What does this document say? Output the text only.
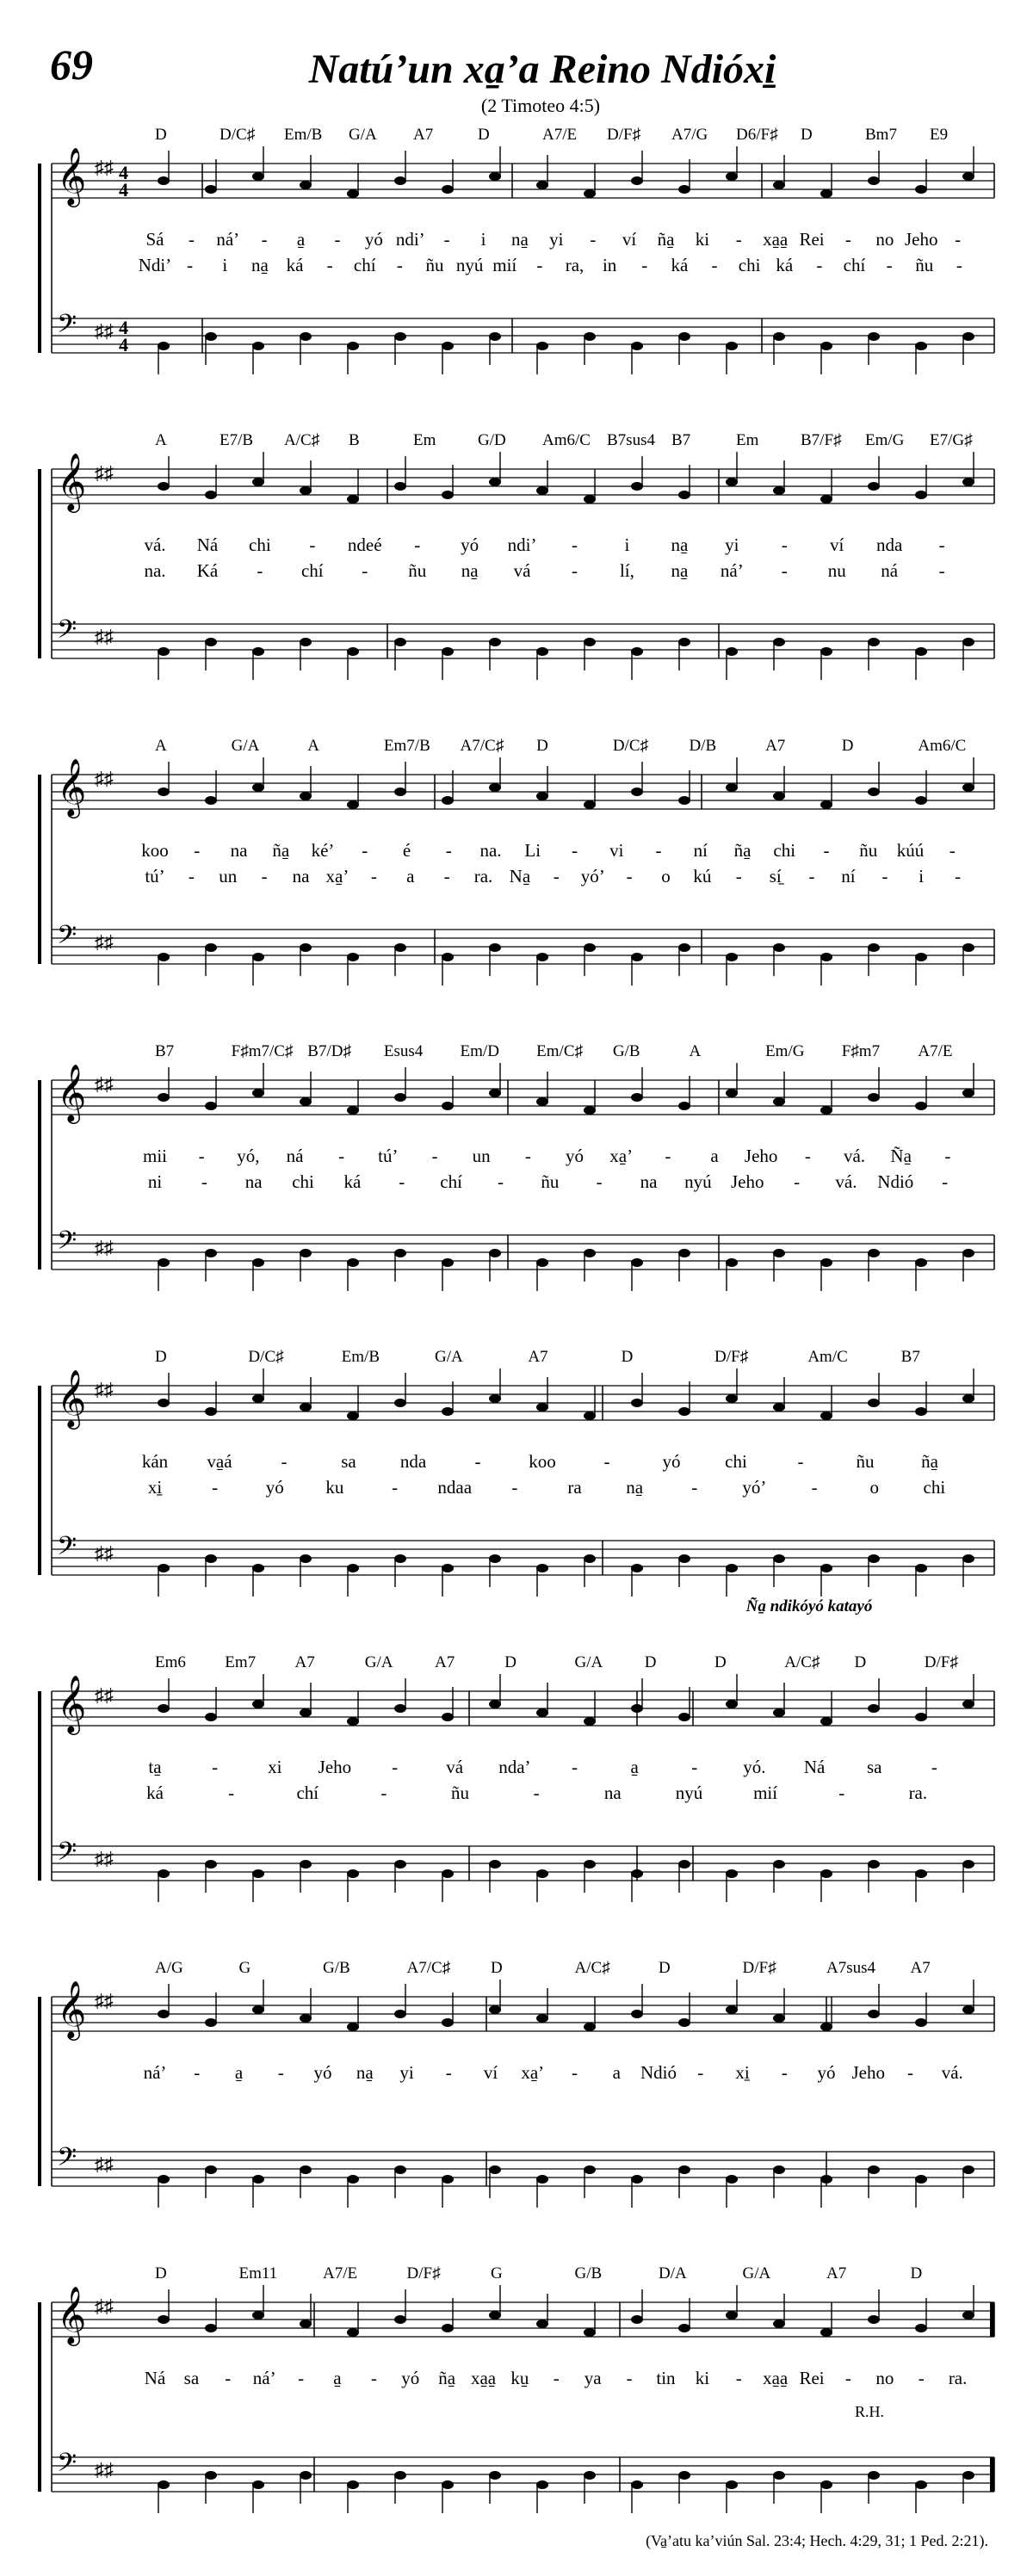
69	Natú’un xa̱’a Reino Ndióxi̱
(2 Timoteo 4:5)
𝄞 ♯♯
𝄢 ♯♯
D	D/C♯ Em/B G/A A7	D	A7/E D/F♯ A7/G D6/F♯ D	Bm7 E9
Sá - ná’ - a̱ - yó ndi’ - i na̱ yi - ví ña̱ ki - xa̱a̱ Rei - no Jeho -
Ndi’ - i na̱ ká - chí - ñu nyú mií - ra, in - ká - chi ká - chí - ñu -
4
4
4
4
𝄞 ♯♯
𝄢 ♯♯
A	E7/B A/C♯ B	Em	G/D Am6/C B7sus4 B7	Em	B7/F♯ Em/G E7/G♯
vá. Ná chi - ndeé - yó ndi’ -	i na̱ yi - ví nda -
na. Ká - chí - ñu na̱ vá - lí, na̱ ná’ - nu ná -
𝄞 ♯♯
𝄢 ♯♯
A	G/A	A	Em7/B A7/C♯ D	D/C♯ D/B	A7	D	Am6/C
koo - na ña̱ ké’ - é - na. Li - vi - ní ña̱ chi - ñu kúú -
tú’ - un - na xa̱’ - a - ra. Na̱ - yó’ - o kú - sí̱ - ní - i -
𝄞 ♯♯
𝄢 ♯♯
B7	F♯m7/C♯ B7/D♯ Esus4 Em/D Em/C♯ G/B	A	Em/G F♯m7 A7/E
mii - yó, ná - tú’ - un - yó xa̱’ - a Jeho - vá. Ña̱ -
ni - na chi ká - chí - ñu - na nyú Jeho - vá. Ndió -
𝄞 ♯♯
𝄢 ♯♯
D	D/C♯	Em/B	G/A	A7	D	D/F♯	Am/C	B7
kán va̱á	-	sa nda	-	koo	-	yó chi	-	ñu	ña̱
xi̱	-	yó ku	- ndaa -	ra na̱	- yó’ -	o chi
𝄞 ♯♯
𝄢 ♯♯
Em6 Em7 A7	G/A	A7	D	G/A	D	D	A/C♯ D	D/F♯
ta̱	-	xi Jeho -	vá nda’ -	a̱	-	yó. Ná sa	-
ká	-	chí	-	ñu	-	na	nyú	mií	-	ra.
𝄞 ♯♯
𝄢 ♯♯
A/G	G	G/B	A7/C♯ D	A/C♯	D	D/F♯	A7sus4 A7
ná’ - a̱ - yó na̱ yi - ví xa̱’ - a Ndió - xi̱ - yó Jeho - vá.
𝄞 ♯♯
𝄢 ♯♯
D	Em11	A7/E	D/F♯	G	G/B	D/A	G/A	A7	D
Ná sa - ná’ - a̱ - yó ña̱ xa̱a̱ ku̱ - ya - tin ki - xa̱a̱ Rei - no - ra.
Ña̱ ndikóyó katayó
R.H.
(Va̱’atu ka’viún Sal. 23:4; Hech. 4:29, 31; 1 Ped. 2:21).
